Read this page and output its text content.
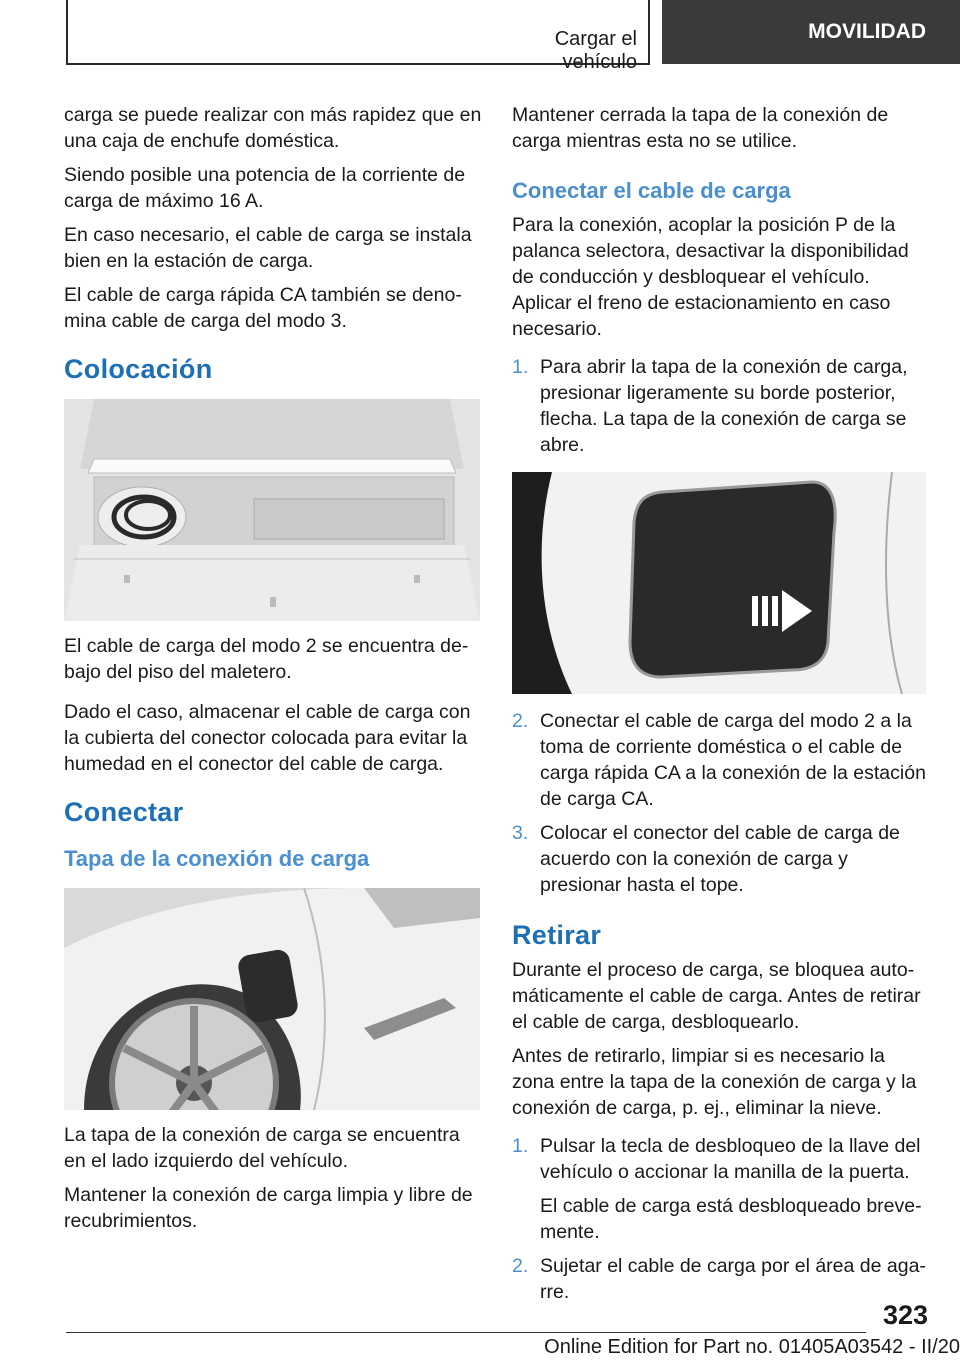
Cargar el vehículo
MOVILIDAD

carga se puede realizar con más rapidez que en una caja de enchufe doméstica.

Siendo posible una potencia de la corriente de carga de máximo 16 A.

En caso necesario, el cable de carga se instala bien en la estación de carga.

El cable de carga rápida CA también se denomina cable de carga del modo 3.

Colocación

El cable de carga del modo 2 se encuentra debajo del piso del maletero.

Dado el caso, almacenar el cable de carga con la cubierta del conector colocada para evitar la humedad en el conector del cable de carga.

Conectar
Tapa de la conexión de carga

La tapa de la conexión de carga se encuentra en el lado izquierdo del vehículo.

Mantener la conexión de carga limpia y libre de recubrimientos.

Mantener cerrada la tapa de la conexión de carga mientras esta no se utilice.

Conectar el cable de carga

Para la conexión, acoplar la posición P de la palanca selectora, desactivar la disponibilidad de conducción y desbloquear el vehículo. Aplicar el freno de estacionamiento en caso necesario.

1. Para abrir la tapa de la conexión de carga, presionar ligeramente su borde posterior, flecha. La tapa de la conexión de carga se abre.
2. Conectar el cable de carga del modo 2 a la toma de corriente doméstica o el cable de carga rápida CA a la conexión de la estación de carga CA.
3. Colocar el conector del cable de carga de acuerdo con la conexión de carga y presionar hasta el tope.
Retirar

Durante el proceso de carga, se bloquea automáticamente el cable de carga. Antes de retirar el cable de carga, desbloquearlo.

Antes de retirarlo, limpiar si es necesario la zona entre la tapa de la conexión de carga y la conexión de carga, p. ej., eliminar la nieve.

1. Pulsar la tecla de desbloqueo de la llave del vehículo o accionar la manilla de la puerta.

El cable de carga está desbloqueado brevemente.

2. Sujetar el cable de carga por el área de agarre.
323
Online Edition for Part no. 01405A03542 - II/20
